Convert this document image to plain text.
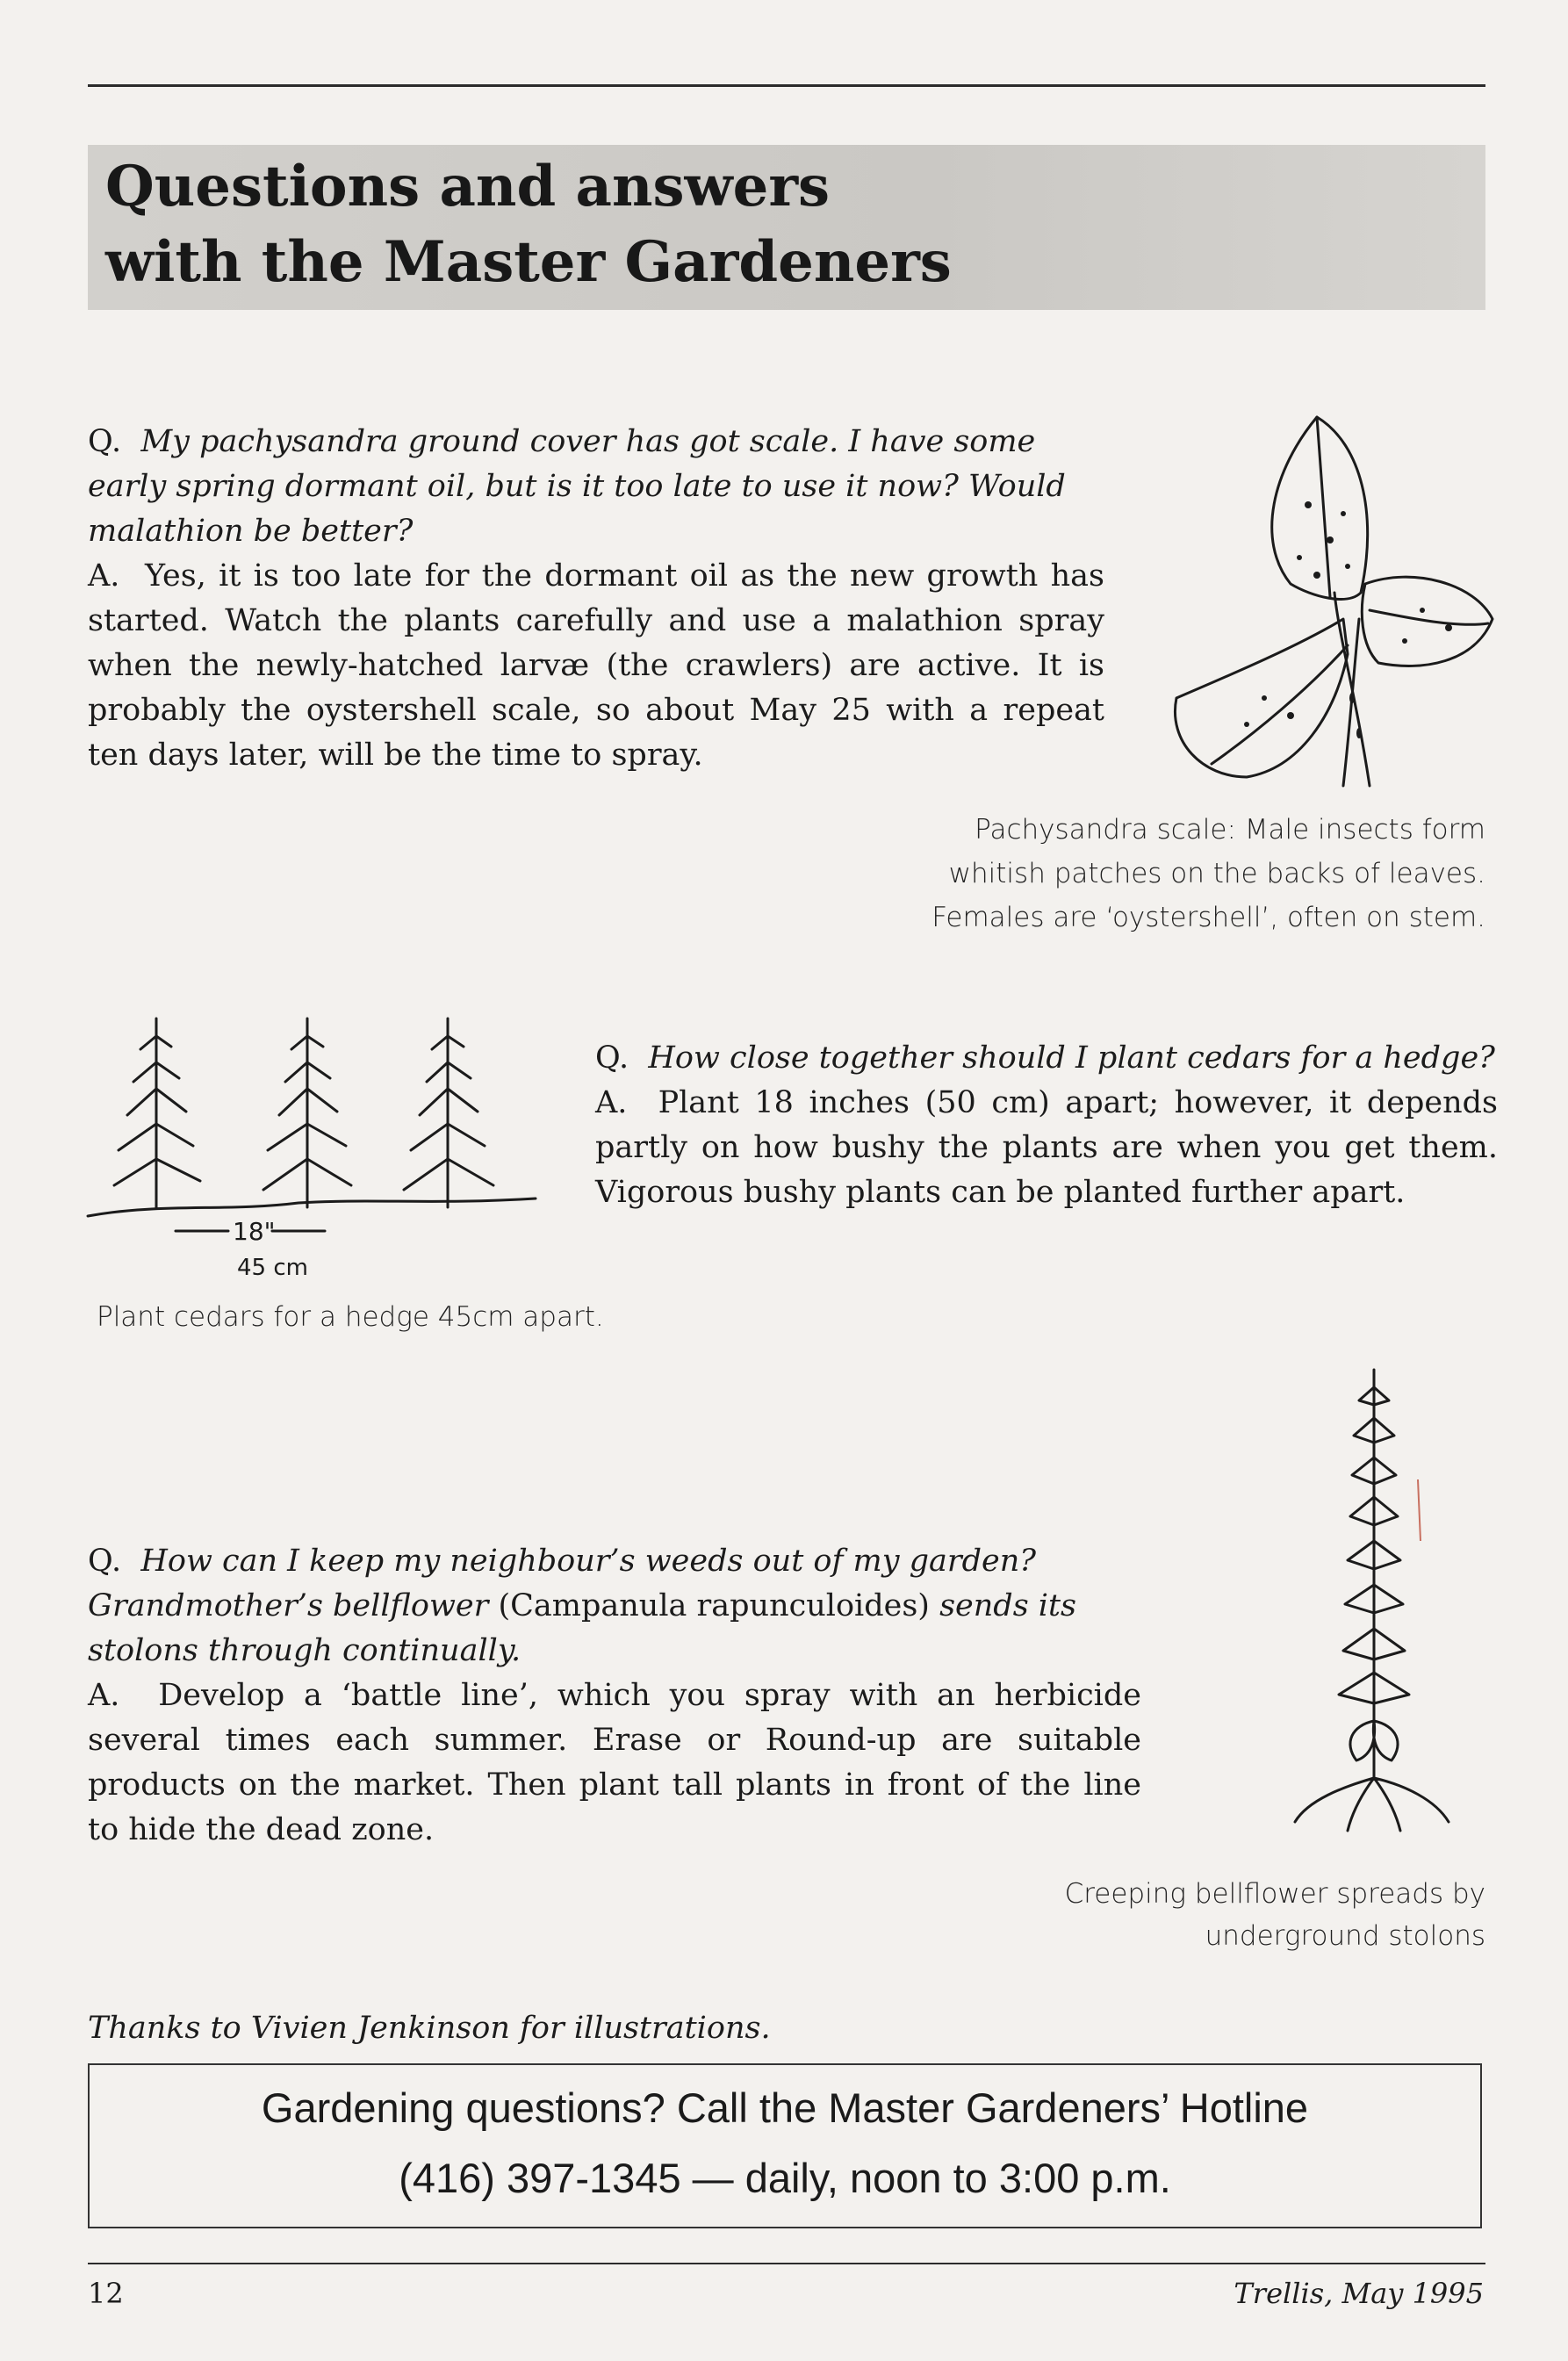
Questions and answers
with the Master Gardeners

Q. My pachysandra ground cover has got scale. I have some early spring dormant oil, but is it too late to use it now? Would malathion be better?

A. Yes, it is too late for the dormant oil as the new growth has started. Watch the plants carefully and use a malathion spray when the newly-hatched larvæ (the crawlers) are active. It is probably the oystershell scale, so about May 25 with a repeat ten days later, will be the time to spray.

Pachysandra scale: Male insects form
whitish patches on the backs of leaves.
Females are ‘oystershell’, often on stem.
18"
45 cm
Plant cedars for a hedge 45cm apart.

Q. How close together should I plant cedars for a hedge?

A. Plant 18 inches (50 cm) apart; however, it depends partly on how bushy the plants are when you get them. Vigorous bushy plants can be planted further apart.

Q. How can I keep my neighbour’s weeds out of my garden? Grandmother’s bellflower (Campanula rapunculoides) sends its stolons through continually.

A. Develop a ‘battle line’, which you spray with an herbicide several times each summer. Erase or Round-up are suitable products on the market. Then plant tall plants in front of the line to hide the dead zone.

Creeping bellflower spreads by
underground stolons

Thanks to Vivien Jenkinson for illustrations.

Gardening questions? Call the Master Gardeners’ Hotline
(416) 397-1345 — daily, noon to 3:00 p.m.
12	Trellis, May 1995
